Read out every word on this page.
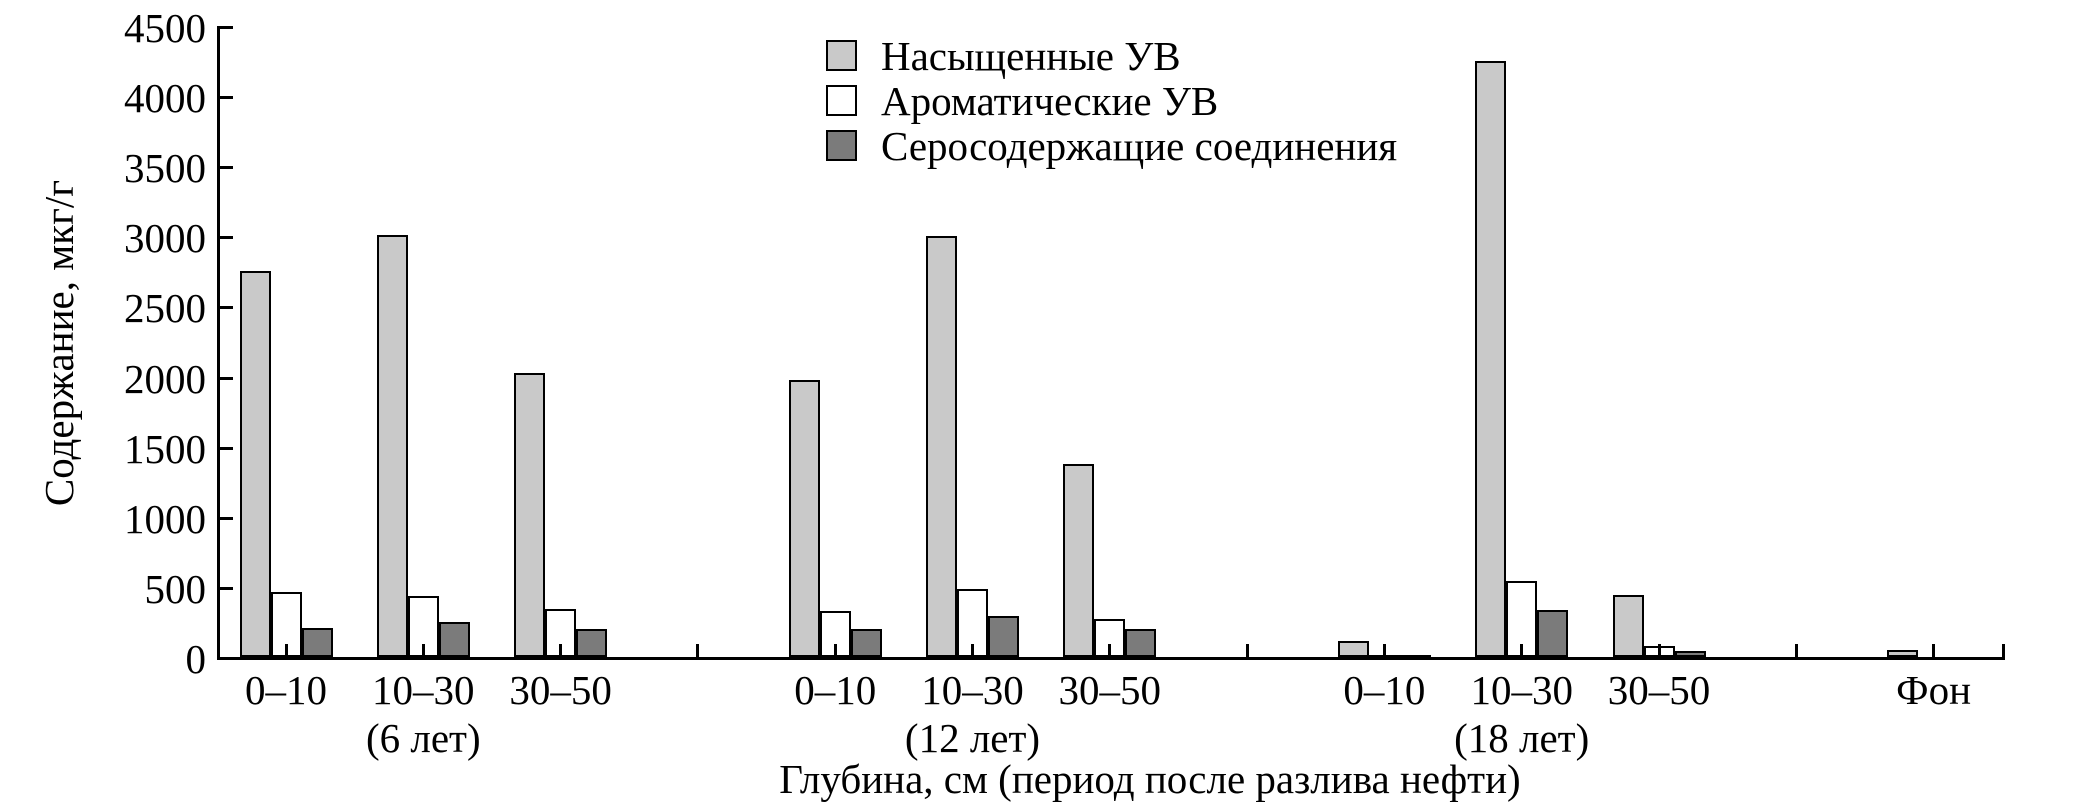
Содержание, мкг/г
Глубина, см (период после разлива нефти)
Насыщенные УВ
Ароматические УВ
Серосодержащие соединения
0
500
1000
1500
2000
2500
3000
3500
4000
4500
0–10	10–30 30–50
(6 лет)
0–10	10–30 30–50
(12 лет)
0–10	10–30 30–50
(18 лет)
Фон
